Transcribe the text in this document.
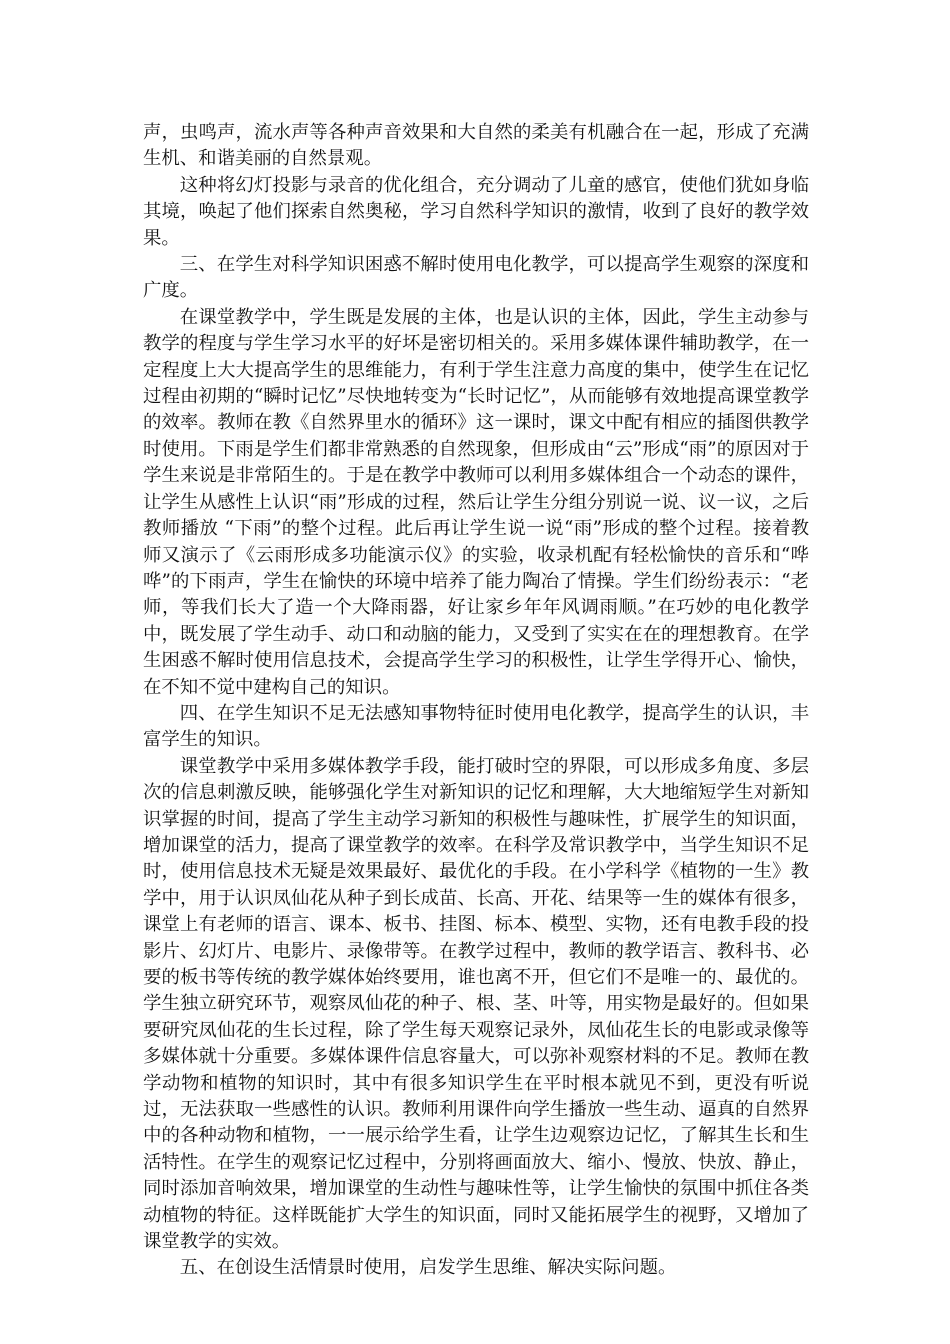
声，虫鸣声，流水声等各种声音效果和大自然的柔美有机融合在一起，形成了充满生机、和谐美丽的自然景观。

这种将幻灯投影与录音的优化组合，充分调动了儿童的感官，使他们犹如身临其境，唤起了他们探索自然奥秘，学习自然科学知识的激情，收到了良好的教学效果。

三、在学生对科学知识困惑不解时使用电化教学，可以提高学生观察的深度和广度。

在课堂教学中，学生既是发展的主体，也是认识的主体，因此，学生主动参与教学的程度与学生学习水平的好坏是密切相关的。采用多媒体课件辅助教学，在一定程度上大大提高学生的思维能力，有利于学生注意力高度的集中，使学生在记忆过程由初期的“瞬时记忆”尽快地转变为“长时记忆”，从而能够有效地提高课堂教学的效率。教师在教《自然界里水的循环》这一课时，课文中配有相应的插图供教学时使用。下雨是学生们都非常熟悉的自然现象，但形成由“云”形成“雨”的原因对于学生来说是非常陌生的。于是在教学中教师可以利用多媒体组合一个动态的课件，让学生从感性上认识“雨”形成的过程，然后让学生分组分别说一说、议一议，之后教师播放 “下雨”的整个过程。此后再让学生说一说“雨”形成的整个过程。接着教师又演示了《云雨形成多功能演示仪》的实验，收录机配有轻松愉快的音乐和“哗哗”的下雨声，学生在愉快的环境中培养了能力陶冶了情操。学生们纷纷表示：“老师，等我们长大了造一个大降雨器，好让家乡年年风调雨顺。”在巧妙的电化教学中，既发展了学生动手、动口和动脑的能力，又受到了实实在在的理想教育。在学生困惑不解时使用信息技术，会提高学生学习的积极性，让学生学得开心、愉快，在不知不觉中建构自己的知识。

四、在学生知识不足无法感知事物特征时使用电化教学，提高学生的认识，丰富学生的知识。

课堂教学中采用多媒体教学手段，能打破时空的界限，可以形成多角度、多层次的信息刺激反映，能够强化学生对新知识的记忆和理解，大大地缩短学生对新知识掌握的时间，提高了学生主动学习新知的积极性与趣味性，扩展学生的知识面，增加课堂的活力，提高了课堂教学的效率。在科学及常识教学中，当学生知识不足时，使用信息技术无疑是效果最好、最优化的手段。在小学科学《植物的一生》教学中，用于认识凤仙花从种子到长成苗、长高、开花、结果等一生的媒体有很多，课堂上有老师的语言、课本、板书、挂图、标本、模型、实物，还有电教手段的投影片、幻灯片、电影片、录像带等。在教学过程中，教师的教学语言、教科书、必要的板书等传统的教学媒体始终要用，谁也离不开，但它们不是唯一的、最优的。学生独立研究环节，观察凤仙花的种子、根、茎、叶等，用实物是最好的。但如果要研究凤仙花的生长过程，除了学生每天观察记录外，凤仙花生长的电影或录像等多媒体就十分重要。多媒体课件信息容量大，可以弥补观察材料的不足。教师在教学动物和植物的知识时，其中有很多知识学生在平时根本就见不到，更没有听说过，无法获取一些感性的认识。教师利用课件向学生播放一些生动、逼真的自然界中的各种动物和植物，一一展示给学生看，让学生边观察边记忆，了解其生长和生活特性。在学生的观察记忆过程中，分别将画面放大、缩小、慢放、快放、静止，同时添加音响效果，增加课堂的生动性与趣味性等，让学生愉快的氛围中抓住各类动植物的特征。这样既能扩大学生的知识面，同时又能拓展学生的视野，又增加了课堂教学的实效。

五、在创设生活情景时使用，启发学生思维、解决实际问题。
